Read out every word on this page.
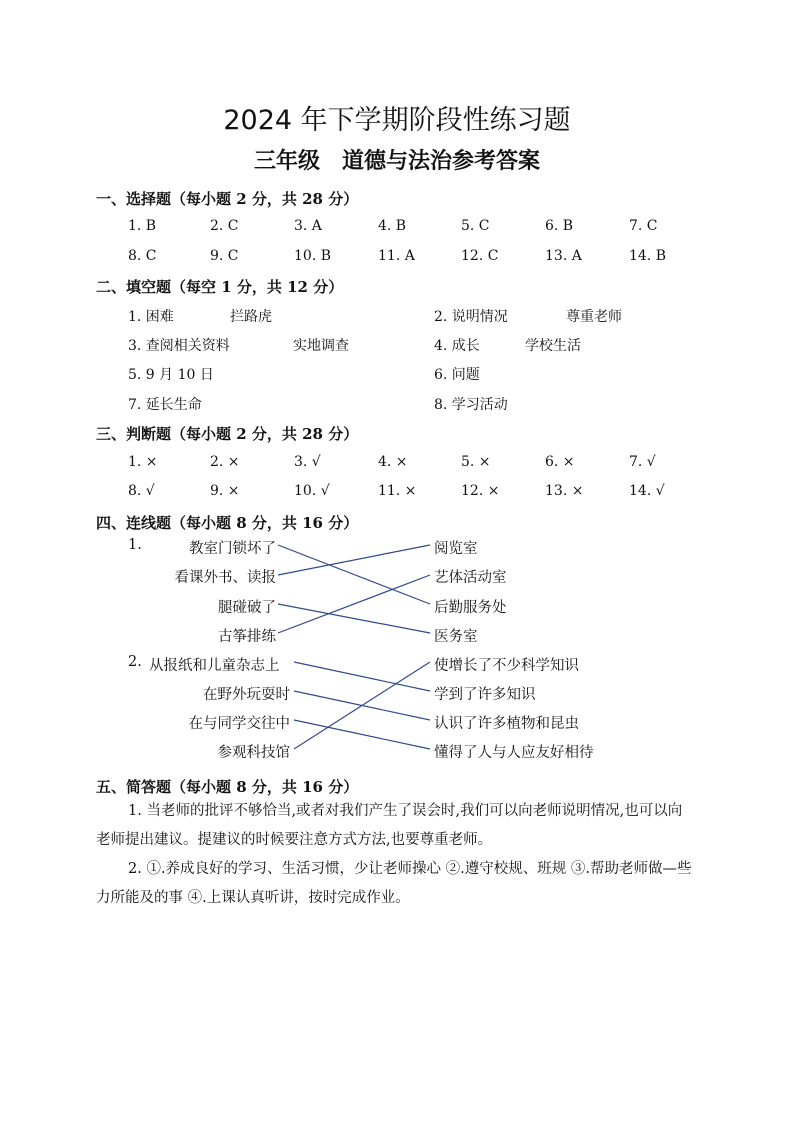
2024 年下学期阶段性练习题
三年级　道德与法治参考答案
一、选择题（每小题 2 分，共 28 分）
1. B	2. C	3. A	4. B	5. C	6. B	7. C
8. C	9. C	10. B	11. A	12. C	13. A	14. B
二、填空题（每空 1 分，共 12 分）
1. 困难	拦路虎	2. 说明情况	尊重老师
3. 查阅相关资料	实地调查	4. 成长	学校生活
5. 9 月 10 日	6. 问题
7. 延长生命	8. 学习活动
三、判断题（每小题 2 分，共 28 分）
1. ×	2. ×	3. √	4. ×	5. ×	6. ×	7. √
8. √	9. ×	10. √	11. ×	12. ×	13. ×	14. √
四、连线题（每小题 8 分，共 16 分）
1.	教室门锁坏了
看课外书、读报
腿碰破了
古筝排练
阅览室
艺体活动室
后勤服务处
医务室
2. 从报纸和儿童杂志上
在野外玩耍时
在与同学交往中
参观科技馆
使增长了不少科学知识
学到了许多知识
认识了许多植物和昆虫
懂得了人与人应友好相待
五、简答题（每小题 8 分，共 16 分）
1. 当老师的批评不够恰当,或者对我们产生了误会时,我们可以向老师说明情况,也可以向老师提出建议。提建议的时候要注意方式方法,也要尊重老师。
2. ①.养成良好的学习、生活习惯，少让老师操心 ②.遵守校规、班规 ③.帮助老师做—些力所能及的事 ④.上课认真听讲，按时完成作业。
